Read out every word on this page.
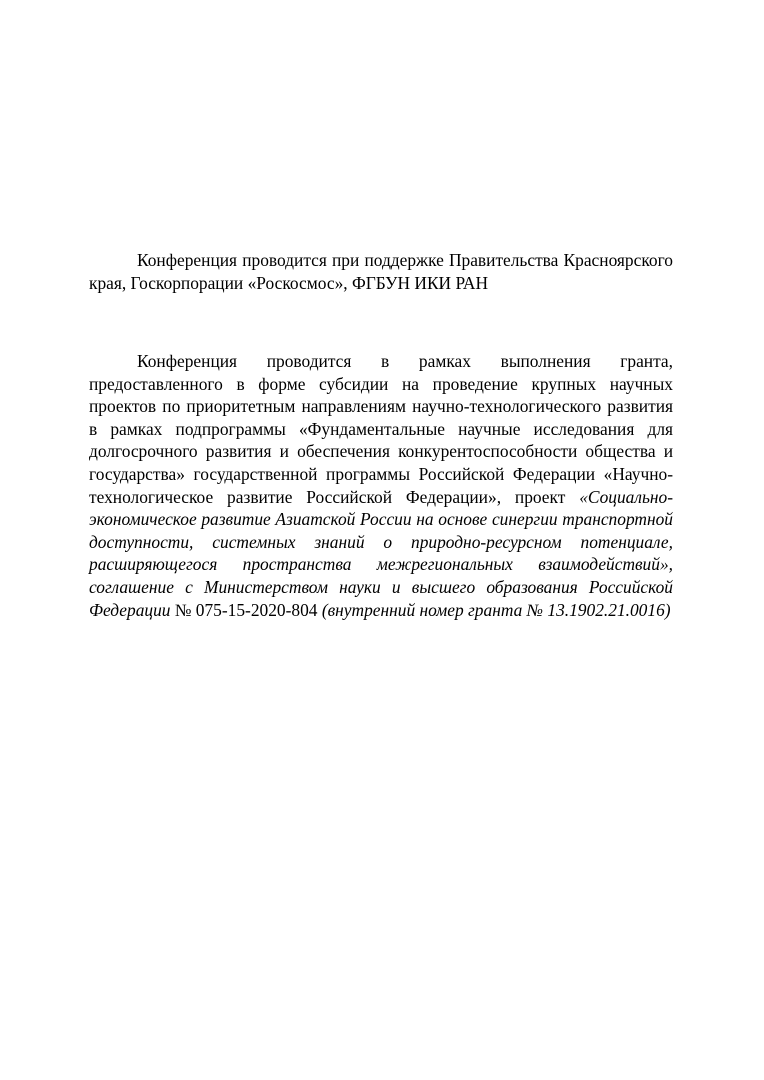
Конференция проводится при поддержке Правительства Красноярского края, Госкорпорации «Роскосмос», ФГБУН ИКИ РАН

Конференция проводится в рамках выполнения гранта, предоставленного в форме субсидии на проведение крупных научных проектов по приоритетным направлениям научно-технологического развития в рамках подпрограммы «Фундаментальные научные исследования для долгосрочного развития и обеспечения конкурентоспособности общества и государства» государственной программы Российской Федерации «Научно-технологическое развитие Российской Федерации», проект «Социально-экономическое развитие Азиатской России на основе синергии транспортной доступности, системных знаний о природно-ресурсном потенциале, расширяющегося пространства межрегиональных взаимодействий», соглашение с Министерством науки и высшего образования Российской Федерации № 075-15-2020-804 (внутренний номер гранта № 13.1902.21.0016)
